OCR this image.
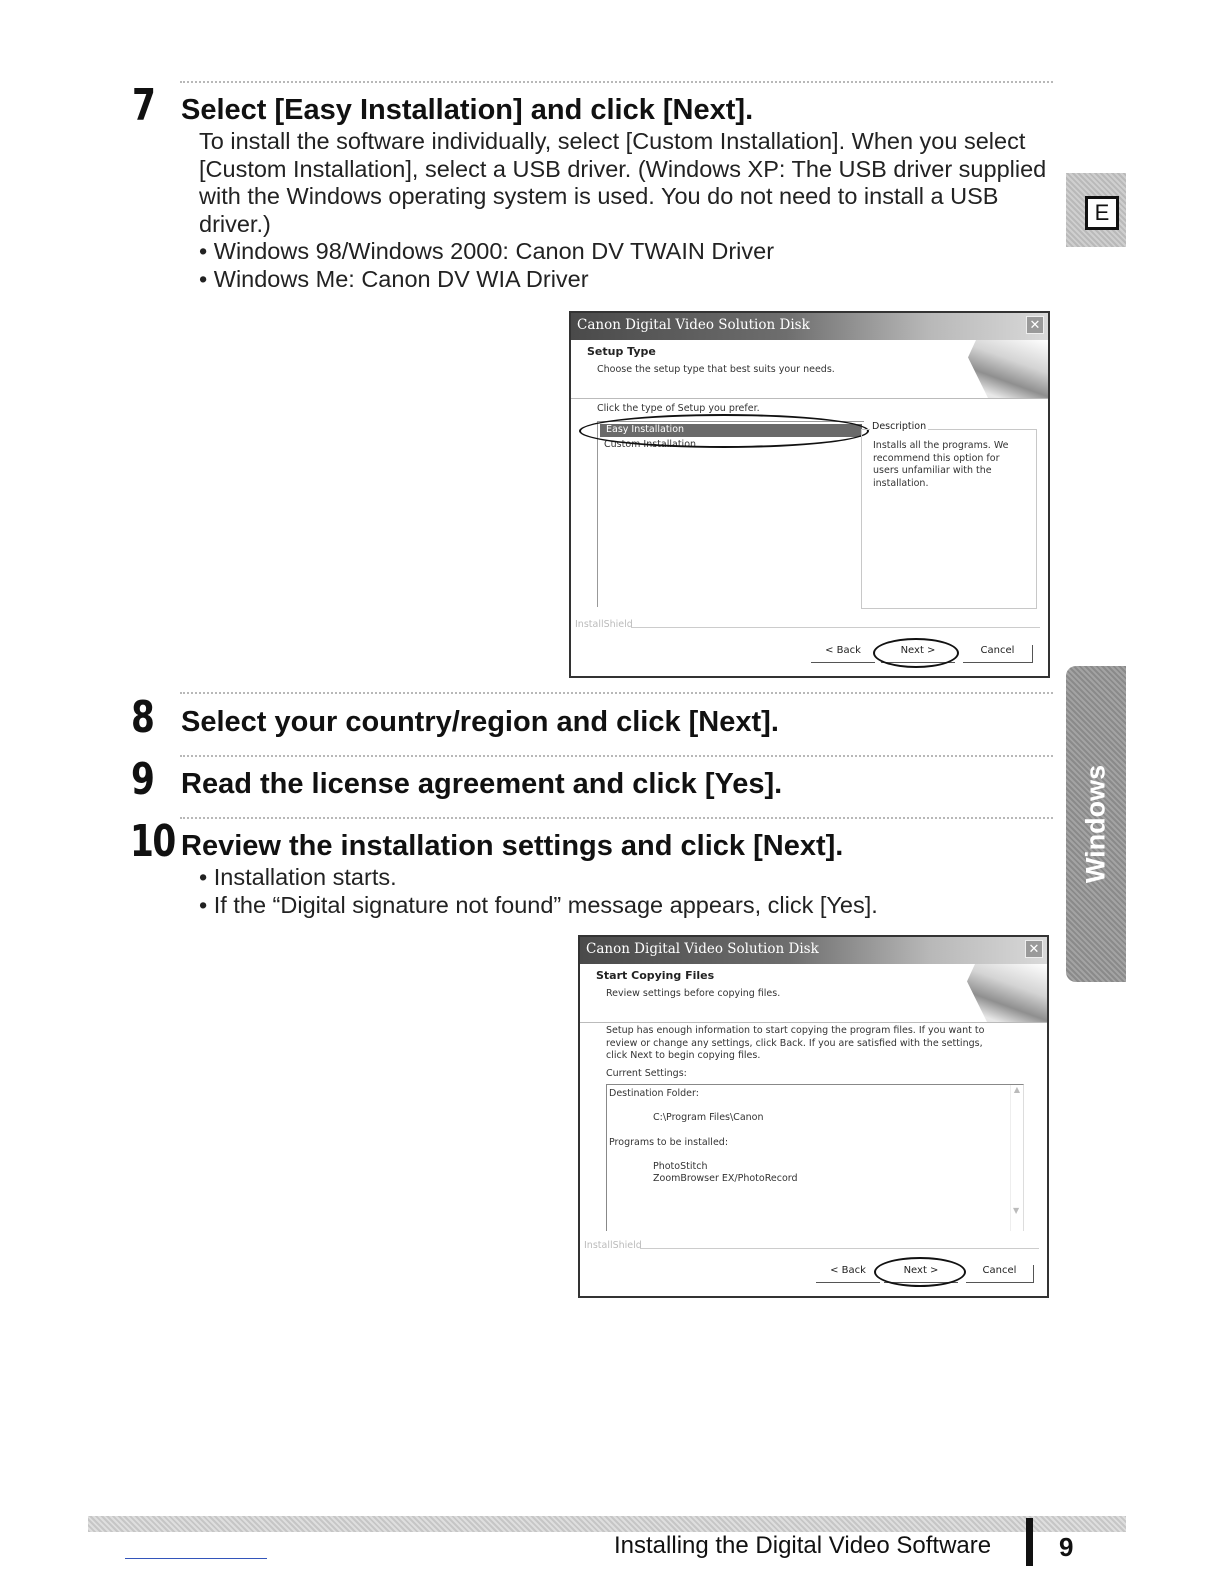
7 Select [Easy Installation] and click [Next].

To install the software individually, select [Custom Installation]. When you select [Custom Installation], select a USB driver. (Windows XP: The USB driver supplied with the Windows operating system is used. You do not need to install a USB driver.)
• Windows 98/Windows 2000: Canon DV TWAIN Driver
• Windows Me: Canon DV WIA Driver

Canon Digital Video Solution Disk	✕
Setup Type
Choose the setup type that best suits your needs.
Click the type of Setup you prefer.
Easy Installation
Custom Installation
Description
Installs all the programs. We recommend this option for users unfamiliar with the installation.
InstallShield
< Back	Next >	Cancel
8 Select your country/region and click [Next].
9 Read the license agreement and click [Yes].
10 Review the installation settings and click [Next].

• Installation starts.
• If the “Digital signature not found” message appears, click [Yes].

Canon Digital Video Solution Disk	✕
Start Copying Files
Review settings before copying files.
Setup has enough information to start copying the program files. If you want to review or change any settings, click Back. If you are satisfied with the settings, click Next to begin copying files.
Current Settings:
Destination Folder:
C:\Program Files\Canon
Programs to be installed:
PhotoStitch
ZoomBrowser EX/PhotoRecord
▲
▼
InstallShield
< Back	Next >	Cancel
E
Windows
Installing the Digital Video Software	9
